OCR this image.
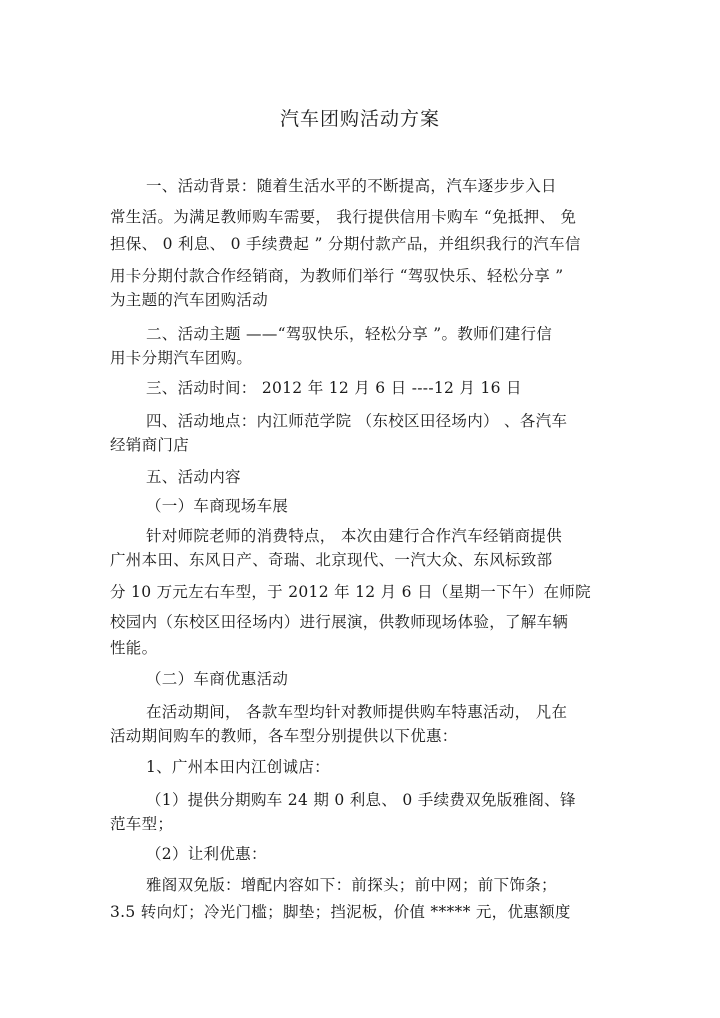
汽车团购活动方案
一、活动背景：随着生活水平的不断提高，汽车逐步步入日
常生活。为满足教师购车需要， 我行提供信用卡购车 “免抵押、 免
担保、 0 利息、 0 手续费起 ” 分期付款产品，并组织我行的汽车信
用卡分期付款合作经销商，为教师们举行 “驾驭快乐、轻松分享 ”
为主题的汽车团购活动
二、活动主题 ——“驾驭快乐，轻松分享 ”。教师们建行信
用卡分期汽车团购。
三、活动时间： 2012 年 12 月 6 日 ----12 月 16 日
四、活动地点：内江师范学院 （东校区田径场内） 、各汽车
经销商门店
五、活动内容
（一）车商现场车展
针对师院老师的消费特点， 本次由建行合作汽车经销商提供
广州本田、东风日产、奇瑞、北京现代、一汽大众、东风标致部
分 10 万元左右车型，于 2012 年 12 月 6 日（星期一下午）在师院
校园内（东校区田径场内）进行展演，供教师现场体验，了解车辆
性能。
（二）车商优惠活动
在活动期间， 各款车型均针对教师提供购车特惠活动， 凡在
活动期间购车的教师，各车型分别提供以下优惠：
1、广州本田内江创诚店：
（1）提供分期购车 24 期 0 利息、 0 手续费双免版雅阁、锋
范车型；
（2）让利优惠：
雅阁双免版：增配内容如下：前探头；前中网；前下饰条；
3.5 转向灯；冷光门槛；脚垫；挡泥板，价值 ***** 元，优惠额度
